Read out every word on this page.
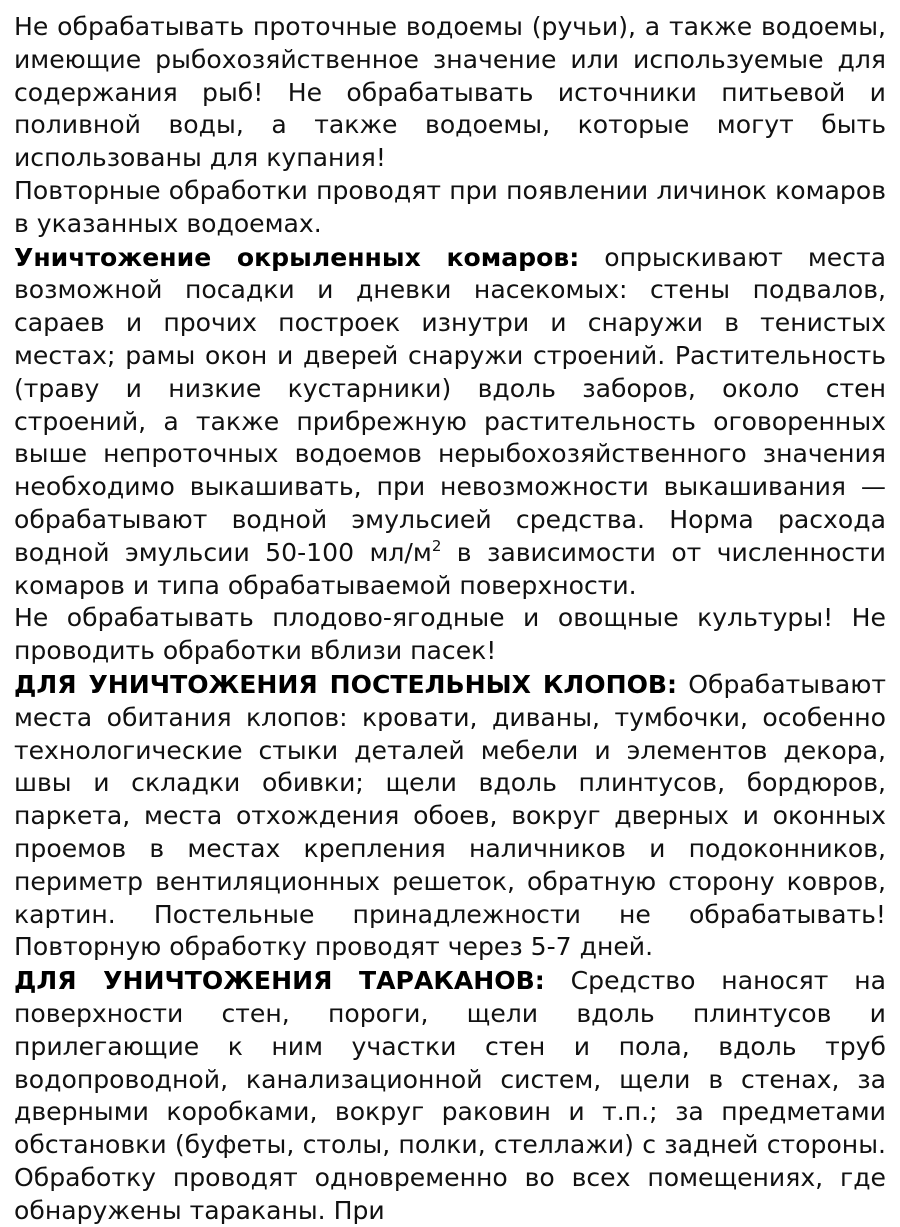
Не обрабатывать проточные водоемы (ручьи), а также водоемы, имеющие рыбохозяйственное значение или используемые для содержания рыб! Не обрабатывать источники питьевой и поливной воды, а также водоемы, которые могут быть использованы для купания!

Повторные обработки проводят при появлении личинок комаров в указанных водоемах.

Уничтожение окрыленных комаров: опрыскивают места возможной посадки и дневки насекомых: стены подвалов, сараев и прочих построек изнутри и снаружи в тенистых местах; рамы окон и дверей снаружи строений. Растительность (траву и низкие кустарники) вдоль заборов, около стен строений, а также прибрежную растительность оговоренных выше непроточных водоемов нерыбохозяйственного значения необходимо выкашивать, при невозможности выкашивания — обрабатывают водной эмульсией средства. Норма расхода водной эмульсии 50-100 $мл/м^2$ в зависимости от численности комаров и типа обрабатываемой поверхности.

Не обрабатывать плодово-ягодные и овощные культуры! Не проводить обработки вблизи пасек!

ДЛЯ УНИЧТОЖЕНИЯ ПОСТЕЛЬНЫХ КЛОПОВ: Обрабатывают места обитания клопов: кровати, диваны, тумбочки, особенно технологические стыки деталей мебели и элементов декора, швы и складки обивки; щели вдоль плинтусов, бордюров, паркета, места отхождения обоев, вокруг дверных и оконных проемов в местах крепления наличников и подоконников, периметр вентиляционных решеток, обратную сторону ковров, картин. Постельные принадлежности не обрабатывать! Повторную обработку проводят через 5-7 дней.

ДЛЯ УНИЧТОЖЕНИЯ ТАРАКАНОВ: Средство наносят на поверхности стен, пороги, щели вдоль плинтусов и прилегающие к ним участки стен и пола, вдоль труб водопроводной, канализационной систем, щели в стенах, за дверными коробками, вокруг раковин и т.п.; за предметами обстановки (буфеты, столы, полки, стеллажи) с задней стороны. Обработку проводят одновременно во всех помещениях, где обнаружены тараканы. При
